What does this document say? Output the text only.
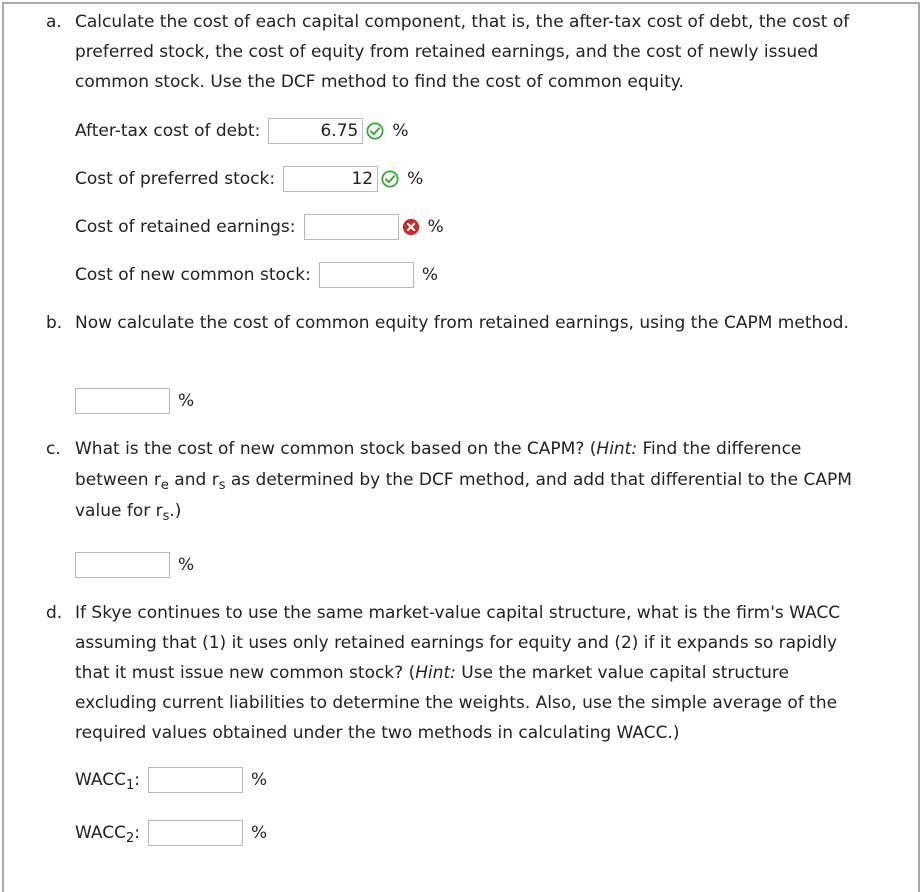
a. Calculate the cost of each capital component, that is, the after-tax cost of debt, the cost of preferred stock, the cost of equity from retained earnings, and the cost of newly issued common stock. Use the DCF method to find the cost of common equity.
After-tax cost of debt:	6.75 %
Cost of preferred stock:	12 %
Cost of retained earnings:	%
Cost of new common stock:	%
b. Now calculate the cost of common equity from retained earnings, using the CAPM method.
%
c. What is the cost of new common stock based on the CAPM? (Hint: Find the difference between $r_e$ and $r_s$ as determined by the DCF method, and add that differential to the CAPM value for $r_s$.)
%
d. If Skye continues to use the same market-value capital structure, what is the firm's WACC assuming that (1) it uses only retained earnings for equity and (2) if it expands so rapidly that it must issue new common stock? (Hint: Use the market value capital structure excluding current liabilities to determine the weights. Also, use the simple average of the required values obtained under the two methods in calculating WACC.)
$WACC_1$:	%
$WACC_2$:	%
